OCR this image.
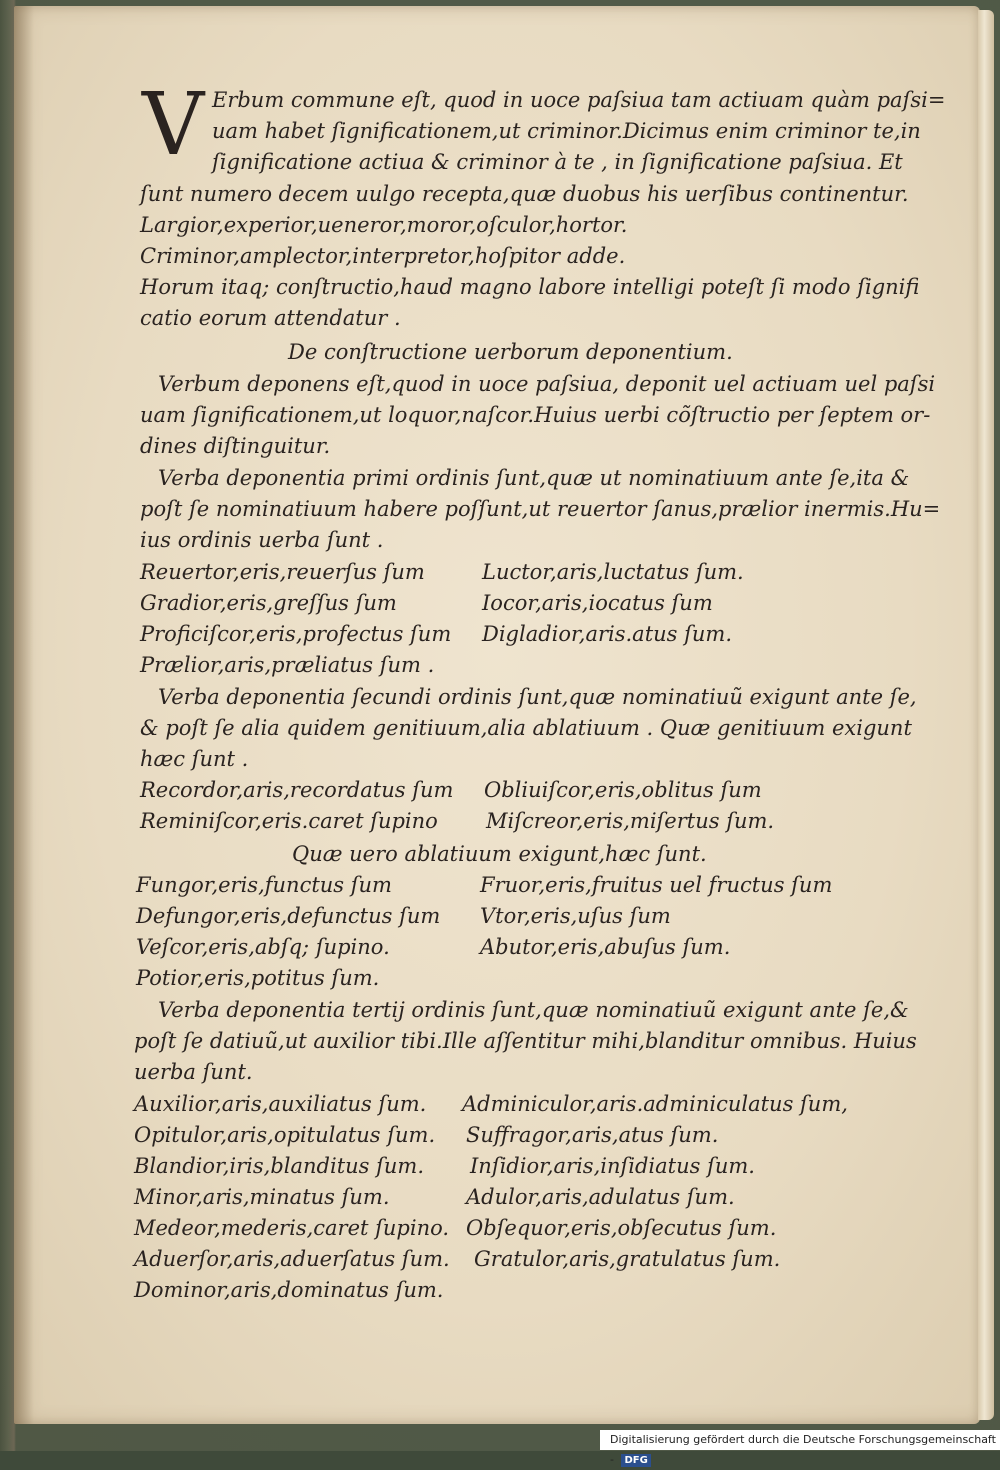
V Erbum commune eſt, quod in uoce paſsiua tam actiuam quàm paſsi=
uam habet ſignificationem,ut criminor.Dicimus enim criminor te,in
ſignificatione actiua & criminor à te , in ſignificatione paſsiua. Et
ſunt numero decem uulgo recepta,quæ duobus his uerſibus continentur.
Largior,experior,uenеror,moror,oſculor,hortor.
Criminor,amplector,interpretor,hoſpitor adde.
Horum itaq; conſtructio,haud magno labore intelligi poteſt ſi modo ſignifi
catio eorum attendatur .
De conſtructione uerborum deponentium.
Verbum deponens eſt,quod in uoce paſsiua, deponit uel actiuam uel paſsi
uam ſignificationem,ut loquor,naſcor.Huius uerbi cõſtructio per ſeptem or-
dines diſtinguitur.
Verba deponentia primi ordinis ſunt,quæ ut nominatiuum ante ſe,ita &
poſt ſe nominatiuum habere poſſunt,ut reuertor ſanus,prælior inermis.Hu=
ius ordinis uerba ſunt .
Reuertor,eris,reuerſus ſum	Luctor,aris,luctatus ſum.
Gradior,eris,greſſus ſum	Iocor,aris,iocatus ſum
Proficiſcor,eris,profectus ſum Digladior,aris.atus ſum.
Prælior,aris,præliatus ſum .
Verba deponentia ſecundi ordinis ſunt,quæ nominatiuũ exigunt ante ſe,
& poſt ſe alia quidem genitiuum,alia ablatiuum . Quæ genitiuum exigunt
hæc ſunt .
Recordor,aris,recordatus ſum Obliuiſcor,eris,oblitus ſum
Reminiſcor,eris.caret ſupino Miſcreor,eris,miſertus ſum.
Quæ uero ablatiuum exigunt,hæc ſunt.
Fungor,eris,functus ſum	Fruor,eris,fruitus uel fructus ſum
Defungor,eris,defunctus ſum Vtor,eris,uſus ſum
Veſcor,eris,abſq; ſupino.	Abutor,eris,abuſus ſum.
Potior,eris,potitus ſum.
Verba deponentia tertij ordinis ſunt,quæ nominatiuũ exigunt ante ſe,&
poſt ſe datiuũ,ut auxilior tibi.Ille aſſentitur mihi,blanditur omnibus. Huius
uerba ſunt.
Auxilior,aris,auxiliatus ſum. Adminiculor,aris.adminiculatus ſum,
Opitulor,aris,opitulatus ſum. Suffragor,aris,atus ſum.
Blandior,iris,blanditus ſum. Inſidior,aris,inſidiatus ſum.
Minor,aris,minatus ſum.	Adulor,aris,adulatus ſum.
Medeor,mederis,caret ſupino. Obſequor,eris,obſecutus ſum.
Aduerſor,aris,aduerſatus ſum. Gratulor,aris,gratulatus ſum.
Dominor,aris,dominatus ſum.
Digitalisierung gefördert durch die Deutsche Forschungsgemeinschaft - DFG
